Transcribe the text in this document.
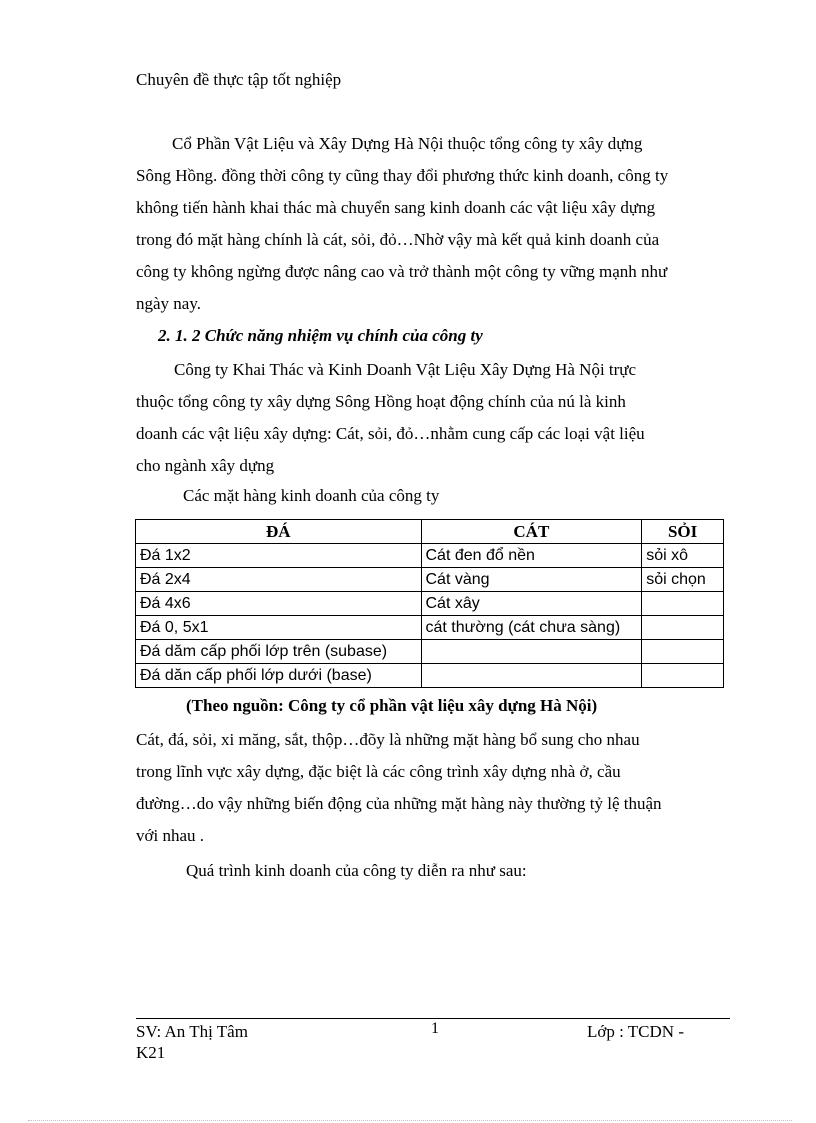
Chuyên đề thực tập tốt nghiệp
Cổ Phần Vật Liệu và Xây Dựng Hà Nội thuộc tổng công ty xây dựng
Sông Hồng. đồng thời công ty cũng thay đổi phương thức kinh doanh, công ty
không tiến hành khai thác mà chuyển sang kinh doanh các vật liệu xây dựng
trong đó mặt hàng chính là cát, sỏi, đỏ…Nhờ vậy mà kết quả kinh doanh của
công ty không ngừng được nâng cao và trở thành một công ty vững mạnh như
ngày nay.
2. 1. 2 Chức năng nhiệm vụ chính của công ty
Công ty Khai Thác và Kinh Doanh Vật Liệu Xây Dựng Hà Nội trực
thuộc tổng công ty xây dựng Sông Hồng hoạt động chính của nú là kinh
doanh các vật liệu xây dựng: Cát, sỏi, đỏ…nhằm cung cấp các loại vật liệu
cho ngành xây dựng
Các mặt hàng kinh doanh của công ty
ĐÁ	CÁT	SỎI
Đá 1x2	Cát đen đổ nền	sỏi xô
Đá 2x4	Cát vàng	sỏi chọn
Đá 4x6	Cát xây	
Đá 0, 5x1	cát thường (cát chưa sàng)	
Đá dăm cấp phối lớp trên (subase)		
Đá dăn cấp phối lớp dưới (base)		
(Theo nguồn: Công ty cổ phần vật liệu xây dựng Hà Nội)
Cát, đá, sỏi, xi măng, sắt, thộp…đõy là những mặt hàng bổ sung cho nhau
trong lĩnh vực xây dựng, đặc biệt là các công trình xây dựng nhà ở, cầu
đường…do vậy những biến động của những mặt hàng này thường tỷ lệ thuận
với nhau .
Quá trình kinh doanh của công ty diễn ra như sau:
SV: An Thị Tâm
K21
1	Lớp : TCDN -
